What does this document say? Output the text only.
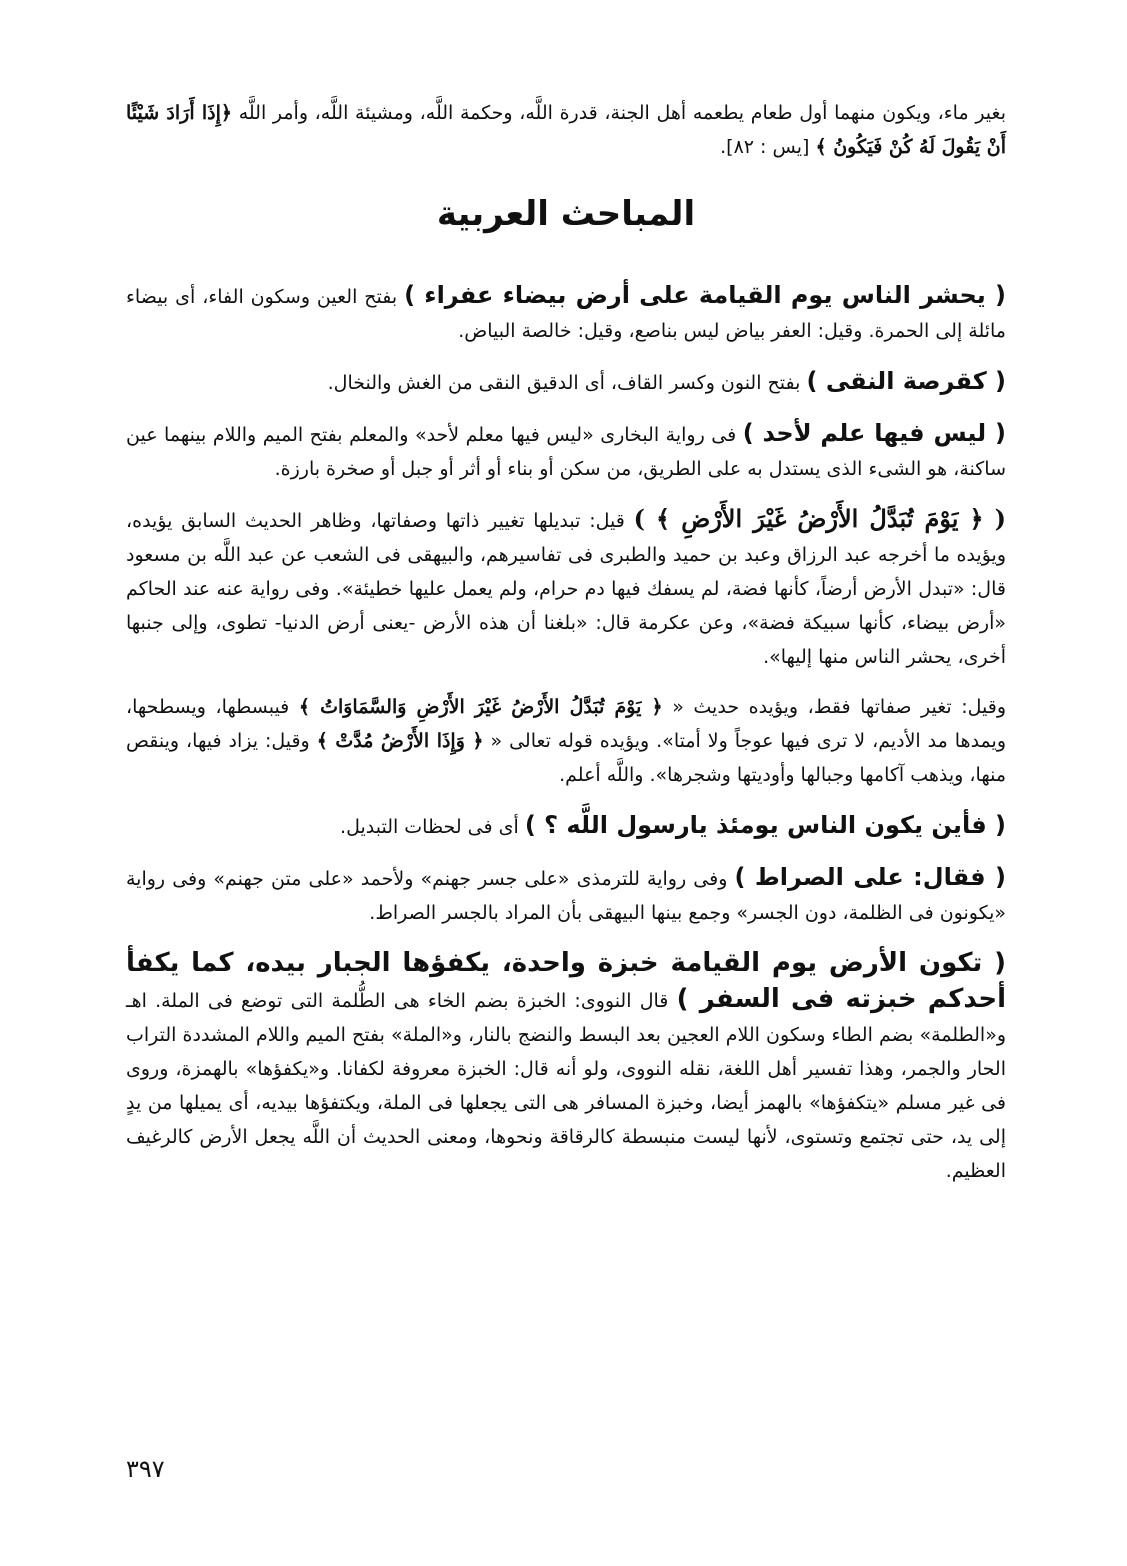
بغير ماء، ويكون منهما أول طعام يطعمه أهل الجنة، قدرة اللَّه، وحكمة اللَّه، ومشيئة اللَّه، وأمر اللَّه ﴿إِذَا أَرَادَ شَيْئًا أَنْ يَقُولَ لَهُ كُنْ فَيَكُونُ ﴾ [يس : ٨٢].

المباحث العربية

( يحشر الناس يوم القيامة على أرض بيضاء عفراء ) بفتح العين وسكون الفاء، أى بيضاء مائلة إلى الحمرة. وقيل: العفر بياض ليس بناصع، وقيل: خالصة البياض.

( كقرصة النقى ) بفتح النون وكسر القاف، أى الدقيق النقى من الغش والنخال.

( ليس فيها علم لأحد ) فى رواية البخارى «ليس فيها معلم لأحد» والمعلم بفتح الميم واللام بينهما عين ساكنة، هو الشىء الذى يستدل به على الطريق، من سكن أو بناء أو أثر أو جبل أو صخرة بارزة.

( ﴿ يَوْمَ تُبَدَّلُ الأَرْضُ غَيْرَ الأَرْضِ ﴾ ) قيل: تبديلها تغيير ذاتها وصفاتها، وظاهر الحديث السابق يؤيده، ويؤيده ما أخرجه عبد الرزاق وعبد بن حميد والطبرى فى تفاسيرهم، والبيهقى فى الشعب عن عبد اللَّه بن مسعود قال: «تبدل الأرض أرضاً، كأنها فضة، لم يسفك فيها دم حرام، ولم يعمل عليها خطيئة». وفى رواية عنه عند الحاكم «أرض بيضاء، كأنها سبيكة فضة»، وعن عكرمة قال: «بلغنا أن هذه الأرض -يعنى أرض الدنيا- تطوى، وإلى جنبها أخرى، يحشر الناس منها إليها».

وقيل: تغير صفاتها فقط، ويؤيده حديث « ﴿ يَوْمَ تُبَدَّلُ الأَرْضُ غَيْرَ الأَرْضِ وَالسَّمَاوَاتُ ﴾ فيبسطها، ويسطحها، ويمدها مد الأديم، لا ترى فيها عوجاً ولا أمتا». ويؤيده قوله تعالى « ﴿ وَإِذَا الأَرْضُ مُدَّتْ ﴾ وقيل: يزاد فيها، وينقص منها، ويذهب آكامها وجبالها وأوديتها وشجرها». واللَّه أعلم.

( فأين يكون الناس يومئذ يارسول اللَّه ؟ ) أى فى لحظات التبديل.

( فقال: على الصراط ) وفى رواية للترمذى «على جسر جهنم» ولأحمد «على متن جهنم» وفى رواية «يكونون فى الظلمة، دون الجسر» وجمع بينها البيهقى بأن المراد بالجسر الصراط.

( تكون الأرض يوم القيامة خبزة واحدة، يكفؤها الجبار بيده، كما يكفأ أحدكم خبزته فى السفر ) قال النووى: الخبزة بضم الخاء هى الطُّلمة التى توضع فى الملة. اهـ و«الطلمة» بضم الطاء وسكون اللام العجين بعد البسط والنضج بالنار، و«الملة» بفتح الميم واللام المشددة التراب الحار والجمر، وهذا تفسير أهل اللغة، نقله النووى، ولو أنه قال: الخبزة معروفة لكفانا. و«يكفؤها» بالهمزة، وروى فى غير مسلم «يتكفؤها» بالهمز أيضا، وخبزة المسافر هى التى يجعلها فى الملة، ويكتفؤها بيديه، أى يميلها من يدٍ إلى يد، حتى تجتمع وتستوى، لأنها ليست منبسطة كالرقاقة ونحوها، ومعنى الحديث أن اللَّه يجعل الأرض كالرغيف العظيم.

٣٩٧
